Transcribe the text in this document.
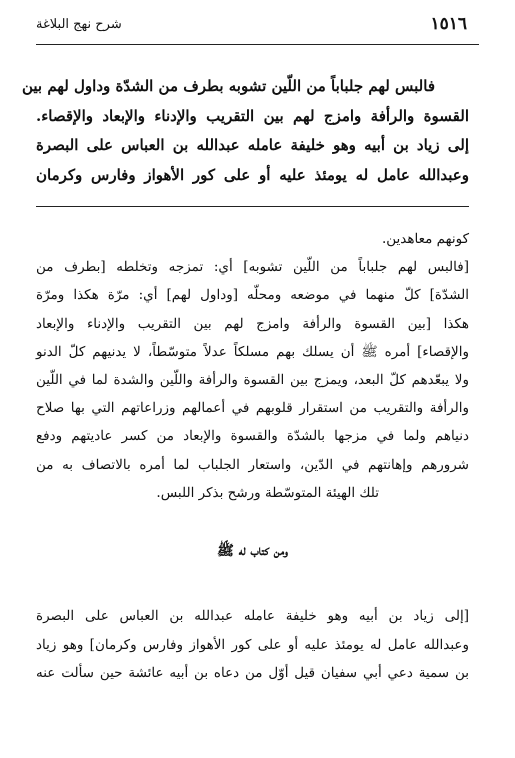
١٥١٦
شرح نهج البلاغة
فالبس لهم جلباباً من اللّين تشوبه بطرف من الشدّة وداول لهم بين
القسوة والرأفة وامزج لهم بين التقريب والإدناء والإبعاد والإقصاء.
إلى زياد بن أبيه وهو خليفة عامله عبدالله بن العباس على البصرة
وعبدالله عامل له يومئذ عليه أو على كور الأهواز وفارس وكرمان
كونهم معاهدين.
[فالبس لهم جلباباً من اللّين تشوبه] أي: تمزجه وتخلطه [بطرف من
الشدّة] كلّ منهما في موضعه ومحلّه [وداول لهم] أي: مرّة هكذا ومرّة
هكذا [بين القسوة والرأفة وامزج لهم بين التقريب والإدناء والإبعاد
والإقصاء] أمره ﷺ أن يسلك بهم مسلكاً عدلاً متوسّطاً، لا يدنيهم كلّ الدنو
ولا يبعّدهم كلّ البعد، ويمزج بين القسوة والرأفة واللّين والشدة لما في اللّين
والرأفة والتقريب من استقرار قلوبهم في أعمالهم وزراعاتهم التي بها صلاح
دنياهم ولما في مزجها بالشدّة والقسوة والإبعاد من كسر عاديتهم ودفع
شرورهم وإهانتهم في الدّين، واستعار الجلباب لما أمره بالاتصاف به من
تلك الهيئة المتوسّطة ورشح بذكر اللبس.
ومن كتاب له ﷺ
[إلى زياد بن أبيه وهو خليفة عامله عبدالله بن العباس على البصرة
وعبدالله عامل له يومئذ عليه أو على كور الأهواز وفارس وكرمان] وهو زياد
بن سمية دعي أبي سفيان قيل أوّل من دعاه بن أبيه عائشة حين سألت عنه
